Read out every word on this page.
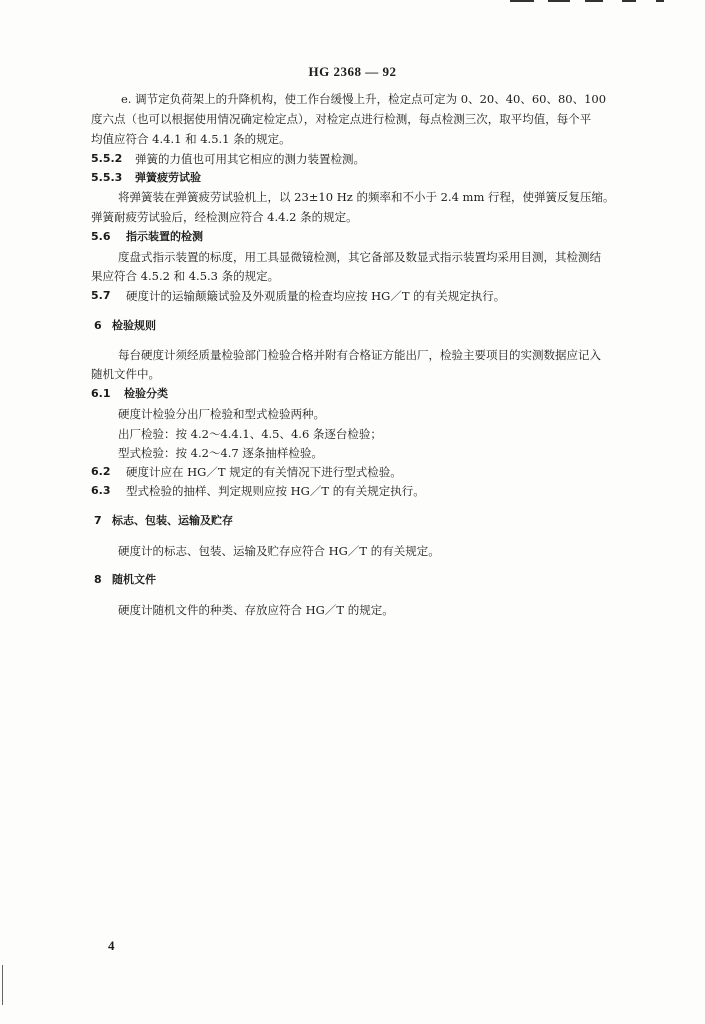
HG 2368 — 92
e. 调节定负荷架上的升降机构，使工作台缓慢上升，检定点可定为 0、20、40、60、80、100
度六点（也可以根据使用情况确定检定点），对检定点进行检测，每点检测三次，取平均值，每个平
均值应符合 4.4.1 和 4.5.1 条的规定。
5.5.2 弹簧的力值也可用其它相应的测力装置检测。
5.5.3 弹簧疲劳试验
将弹簧装在弹簧疲劳试验机上，以 23±10 Hz 的频率和不小于 2.4 mm 行程，使弹簧反复压缩。
弹簧耐疲劳试验后，经检测应符合 4.4.2 条的规定。
5.6 指示装置的检测
度盘式指示装置的标度，用工具显微镜检测，其它备部及数显式指示装置均采用目测，其检测结
果应符合 4.5.2 和 4.5.3 条的规定。
5.7 硬度计的运输颠簸试验及外观质量的检查均应按 HG／T 的有关规定执行。
6 检验规则
每台硬度计须经质量检验部门检验合格并附有合格证方能出厂，检验主要项目的实测数据应记入
随机文件中。
6.1 检验分类
硬度计检验分出厂检验和型式检验两种。
出厂检验：按 4.2～4.4.1、4.5、4.6 条逐台检验；
型式检验：按 4.2～4.7 逐条抽样检验。
6.2 硬度计应在 HG／T 规定的有关情况下进行型式检验。
6.3 型式检验的抽样、判定规则应按 HG／T 的有关规定执行。
7 标志、包装、运输及贮存
硬度计的标志、包装、运输及贮存应符合 HG／T 的有关规定。
8 随机文件
硬度计随机文件的种类、存放应符合 HG／T 的规定。
4
